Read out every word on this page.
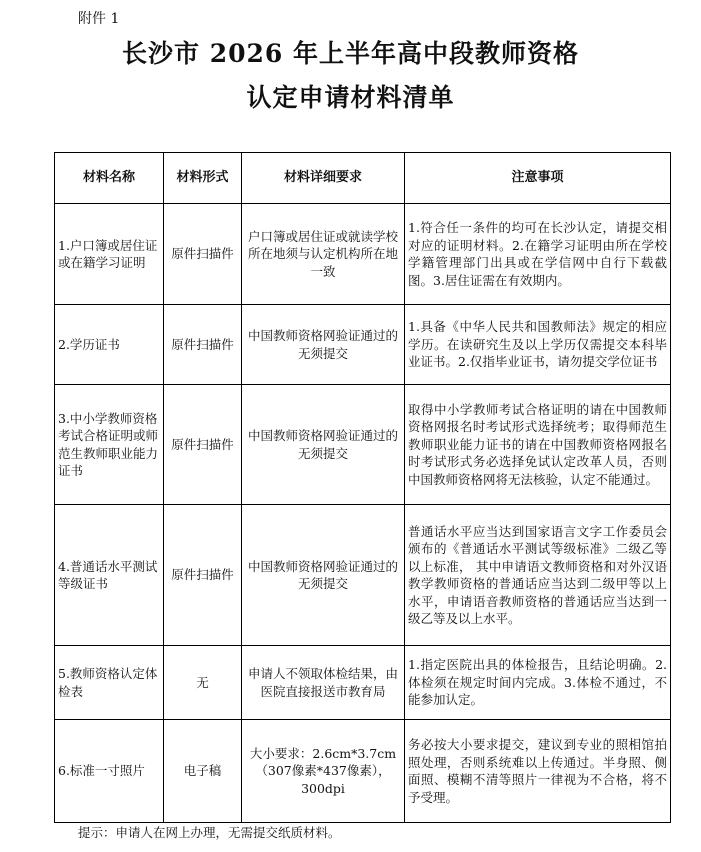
附件 1
长沙市 2026 年上半年高中段教师资格
认定申请材料清单
材料名称	材料形式	材料详细要求	注意事项
1.户口簿或居住证或在籍学习证明	原件扫描件	户口簿或居住证或就读学校所在地须与认定机构所在地一致	1.符合任一条件的均可在长沙认定，请提交相对应的证明材料。2.在籍学习证明由所在学校学籍管理部门出具或在学信网中自行下载截图。3.居住证需在有效期内。
2.学历证书	原件扫描件	中国教师资格网验证通过的无须提交	1.具备《中华人民共和国教师法》规定的相应学历。在读研究生及以上学历仅需提交本科毕业证书。2.仅指毕业证书，请勿提交学位证书
3.中小学教师资格考试合格证明或师范生教师职业能力证书	原件扫描件	中国教师资格网验证通过的无须提交	取得中小学教师考试合格证明的请在中国教师资格网报名时考试形式选择统考；取得师范生教师职业能力证书的请在中国教师资格网报名时考试形式务必选择免试认定改革人员，否则中国教师资格网将无法核验，认定不能通过。
4.普通话水平测试等级证书	原件扫描件	中国教师资格网验证通过的无须提交	普通话水平应当达到国家语言文字工作委员会颁布的《普通话水平测试等级标准》二级乙等以上标准， 其中申请语文教师资格和对外汉语教学教师资格的普通话应当达到二级甲等以上水平，申请语音教师资格的普通话应当达到一级乙等及以上水平。
5.教师资格认定体检表	无	申请人不领取体检结果，由医院直接报送市教育局	1.指定医院出具的体检报告，且结论明确。2.体检须在规定时间内完成。3.体检不通过，不能参加认定。
6.标准一寸照片	电子稿	大小要求：2.6cm*3.7cm（307像素*437像素），300dpi	务必按大小要求提交，建议到专业的照相馆拍照处理，否则系统难以上传通过。半身照、侧面照、模糊不清等照片一律视为不合格，将不予受理。
提示：申请人在网上办理，无需提交纸质材料。
